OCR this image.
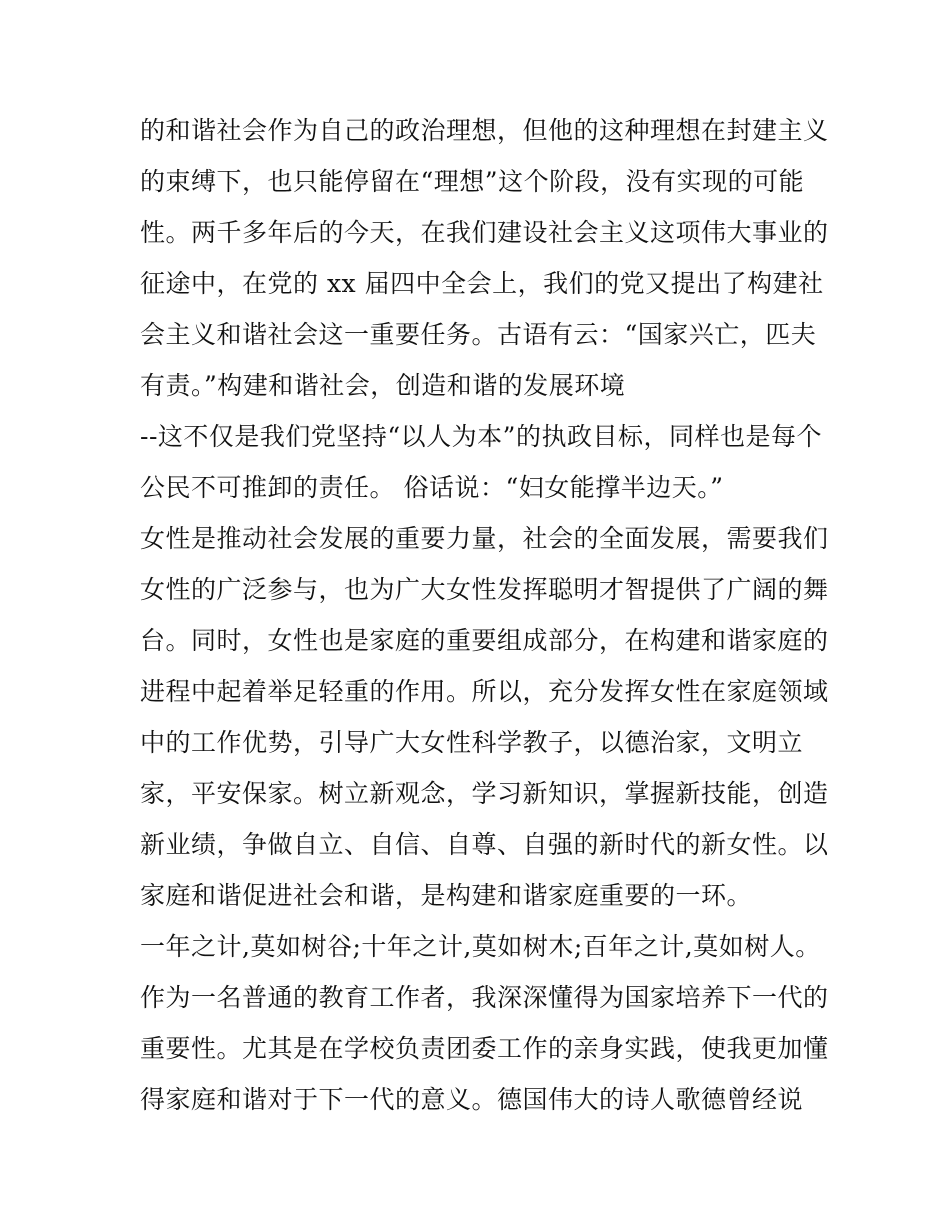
的和谐社会作为自己的政治理想，但他的这种理想在封建主义
的束缚下，也只能停留在“理想”这个阶段，没有实现的可能
性。两千多年后的今天，在我们建设社会主义这项伟大事业的
征途中，在党的 xx 届四中全会上，我们的党又提出了构建社
会主义和谐社会这一重要任务。古语有云：“国家兴亡，匹夫
有责。”构建和谐社会，创造和谐的发展环境
--这不仅是我们党坚持“以人为本”的执政目标，同样也是每个
公民不可推卸的责任。 俗话说：“妇女能撑半边天。”
女性是推动社会发展的重要力量，社会的全面发展，需要我们
女性的广泛参与，也为广大女性发挥聪明才智提供了广阔的舞
台。同时，女性也是家庭的重要组成部分，在构建和谐家庭的
进程中起着举足轻重的作用。所以，充分发挥女性在家庭领域
中的工作优势，引导广大女性科学教子，以德治家，文明立
家，平安保家。树立新观念，学习新知识，掌握新技能，创造
新业绩，争做自立、自信、自尊、自强的新时代的新女性。以
家庭和谐促进社会和谐，是构建和谐家庭重要的一环。
一年之计,莫如树谷;十年之计,莫如树木;百年之计,莫如树人。
作为一名普通的教育工作者，我深深懂得为国家培养下一代的
重要性。尤其是在学校负责团委工作的亲身实践，使我更加懂
得家庭和谐对于下一代的意义。德国伟大的诗人歌德曾经说
